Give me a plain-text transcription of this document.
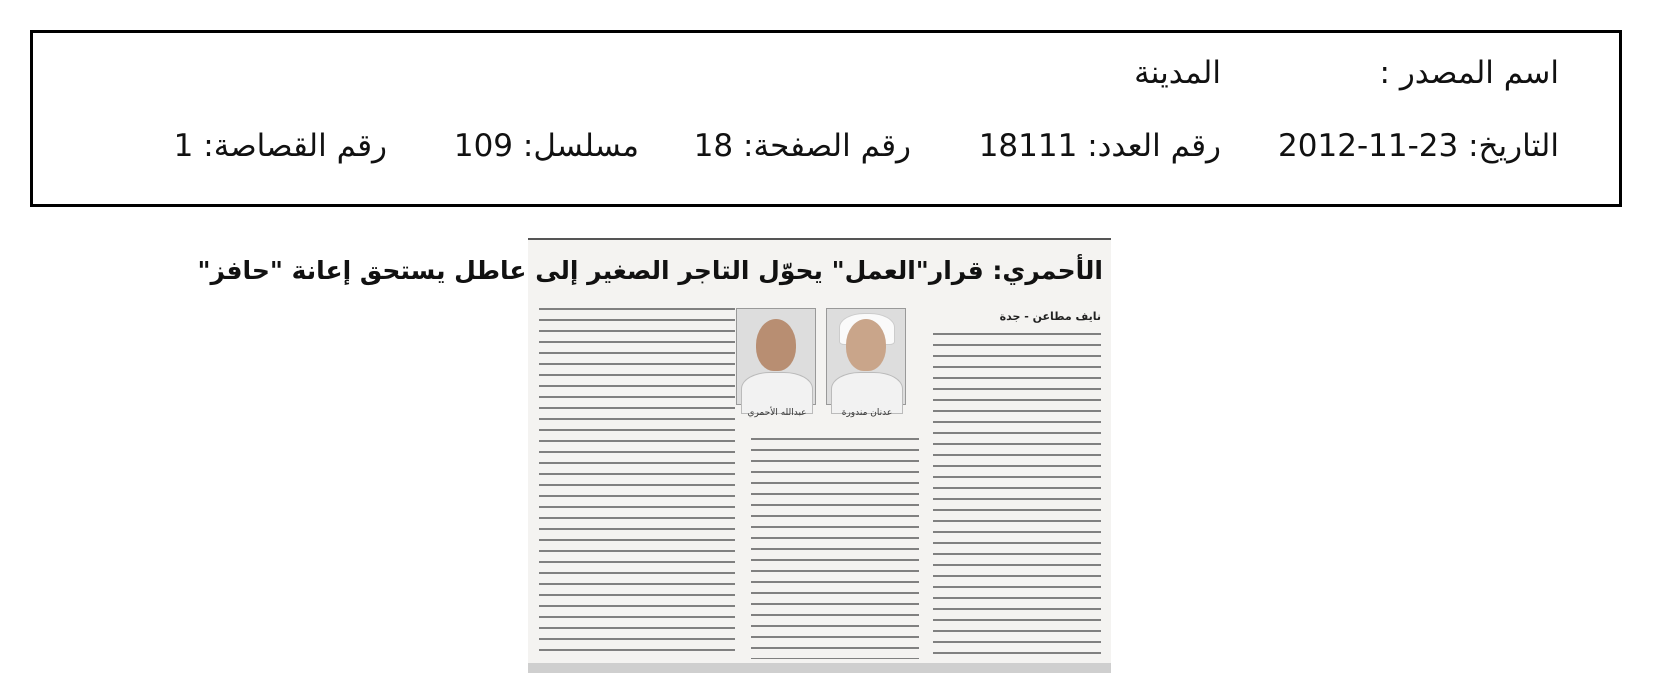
اسم المصدر :
المدينة
التاريخ: 2012-11-23
رقم العدد: 18111
رقم الصفحة: 18
مسلسل: 109
رقم القصاصة: 1
الأحمري: قرار"العمل" يحوّل التاجر الصغير إلى عاطل يستحق إعانة "حافز"
نايف مطاعن - جدة
عدنان مندورة
عبدالله الأحمري
